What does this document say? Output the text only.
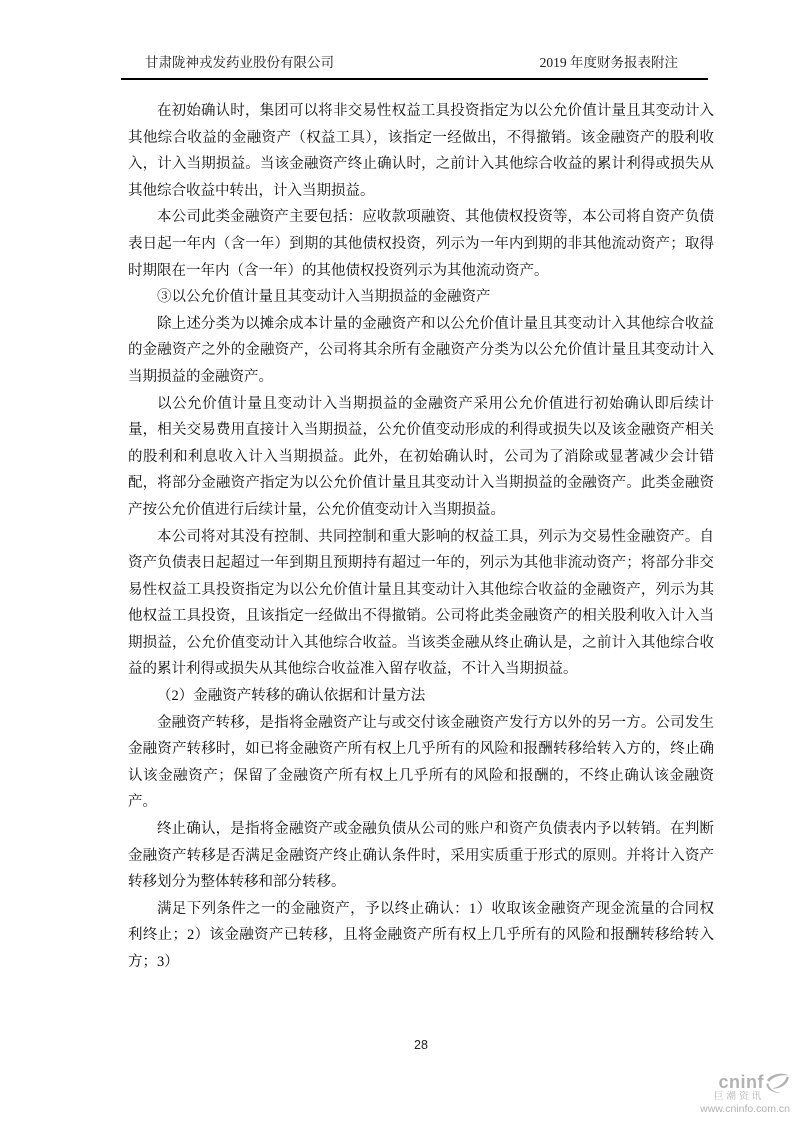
甘肃陇神戎发药业股份有限公司	2019 年度财务报表附注

在初始确认时，集团可以将非交易性权益工具投资指定为以公允价值计量且其变动计入其他综合收益的金融资产（权益工具），该指定一经做出，不得撤销。该金融资产的股利收入，计入当期损益。当该金融资产终止确认时，之前计入其他综合收益的累计利得或损失从其他综合收益中转出，计入当期损益。

本公司此类金融资产主要包括：应收款项融资、其他债权投资等，本公司将自资产负债表日起一年内（含一年）到期的其他债权投资，列示为一年内到期的非其他流动资产；取得时期限在一年内（含一年）的其他债权投资列示为其他流动资产。

③以公允价值计量且其变动计入当期损益的金融资产

除上述分类为以摊余成本计量的金融资产和以公允价值计量且其变动计入其他综合收益的金融资产之外的金融资产，公司将其余所有金融资产分类为以公允价值计量且其变动计入当期损益的金融资产。

以公允价值计量且变动计入当期损益的金融资产采用公允价值进行初始确认即后续计量，相关交易费用直接计入当期损益，公允价值变动形成的利得或损失以及该金融资产相关的股利和利息收入计入当期损益。此外，在初始确认时，公司为了消除或显著减少会计错配，将部分金融资产指定为以公允价值计量且其变动计入当期损益的金融资产。此类金融资产按公允价值进行后续计量，公允价值变动计入当期损益。

本公司将对其没有控制、共同控制和重大影响的权益工具，列示为交易性金融资产。自资产负债表日起超过一年到期且预期持有超过一年的，列示为其他非流动资产；将部分非交易性权益工具投资指定为以公允价值计量且其变动计入其他综合收益的金融资产，列示为其他权益工具投资，且该指定一经做出不得撤销。公司将此类金融资产的相关股利收入计入当期损益，公允价值变动计入其他综合收益。当该类金融从终止确认是，之前计入其他综合收益的累计利得或损失从其他综合收益准入留存收益，不计入当期损益。

（2）金融资产转移的确认依据和计量方法

金融资产转移，是指将金融资产让与或交付该金融资产发行方以外的另一方。公司发生金融资产转移时，如已将金融资产所有权上几乎所有的风险和报酬转移给转入方的，终止确认该金融资产；保留了金融资产所有权上几乎所有的风险和报酬的，不终止确认该金融资产。

终止确认，是指将金融资产或金融负债从公司的账户和资产负债表内予以转销。在判断金融资产转移是否满足金融资产终止确认条件时，采用实质重于形式的原则。并将计入资产转移划分为整体转移和部分转移。

满足下列条件之一的金融资产，予以终止确认：1）收取该金融资产现金流量的合同权利终止；2）该金融资产已转移，且将金融资产所有权上几乎所有的风险和报酬转移给转入方；3）

28
cninf
巨潮资讯
www.cninfo.com.cn
